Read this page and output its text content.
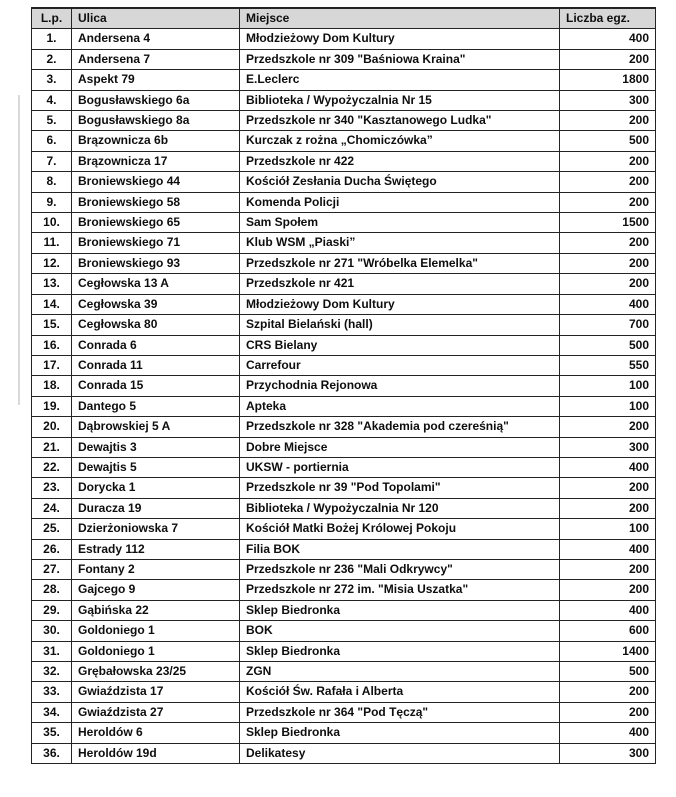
L.p.	Ulica	Miejsce	Liczba egz.
1.	Andersena 4	Młodzieżowy Dom Kultury	400
2.	Andersena 7	Przedszkole nr 309 "Baśniowa Kraina"	200
3.	Aspekt 79	E.Leclerc	1800
4.	Bogusławskiego 6a	Biblioteka / Wypożyczalnia Nr 15	300
5.	Bogusławskiego 8a	Przedszkole nr 340 "Kasztanowego Ludka"	200
6.	Brązownicza 6b	Kurczak z rożna „Chomiczówka”	500
7.	Brązownicza 17	Przedszkole nr 422	200
8.	Broniewskiego 44	Kościół Zesłania Ducha Świętego	200
9.	Broniewskiego 58	Komenda Policji	200
10.	Broniewskiego 65	Sam Społem	1500
11.	Broniewskiego 71	Klub WSM „Piaski”	200
12.	Broniewskiego 93	Przedszkole nr 271 "Wróbelka Elemelka"	200
13.	Cegłowska 13 A	Przedszkole nr 421	200
14.	Cegłowska 39	Młodzieżowy Dom Kultury	400
15.	Cegłowska 80	Szpital Bielański (hall)	700
16.	Conrada 6	CRS Bielany	500
17.	Conrada 11	Carrefour	550
18.	Conrada 15	Przychodnia Rejonowa	100
19.	Dantego 5	Apteka	100
20.	Dąbrowskiej 5 A	Przedszkole nr 328 "Akademia pod czereśnią"	200
21.	Dewajtis 3	Dobre Miejsce	300
22.	Dewajtis 5	UKSW - portiernia	400
23.	Dorycka 1	Przedszkole nr 39 "Pod Topolami"	200
24.	Duracza 19	Biblioteka / Wypożyczalnia Nr 120	200
25.	Dzierżoniowska 7	Kościół Matki Bożej Królowej Pokoju	100
26.	Estrady 112	Filia BOK	400
27.	Fontany 2	Przedszkole nr 236 "Mali Odkrywcy"	200
28.	Gajcego 9	Przedszkole nr 272 im. "Misia Uszatka"	200
29.	Gąbińska 22	Sklep Biedronka	400
30.	Goldoniego 1	BOK	600
31.	Goldoniego 1	Sklep Biedronka	1400
32.	Grębałowska 23/25	ZGN	500
33.	Gwiaździsta 17	Kościół Św. Rafała i Alberta	200
34.	Gwiaździsta 27	Przedszkole nr 364 "Pod Tęczą"	200
35.	Heroldów 6	Sklep Biedronka	400
36.	Heroldów 19d	Delikatesy	300
